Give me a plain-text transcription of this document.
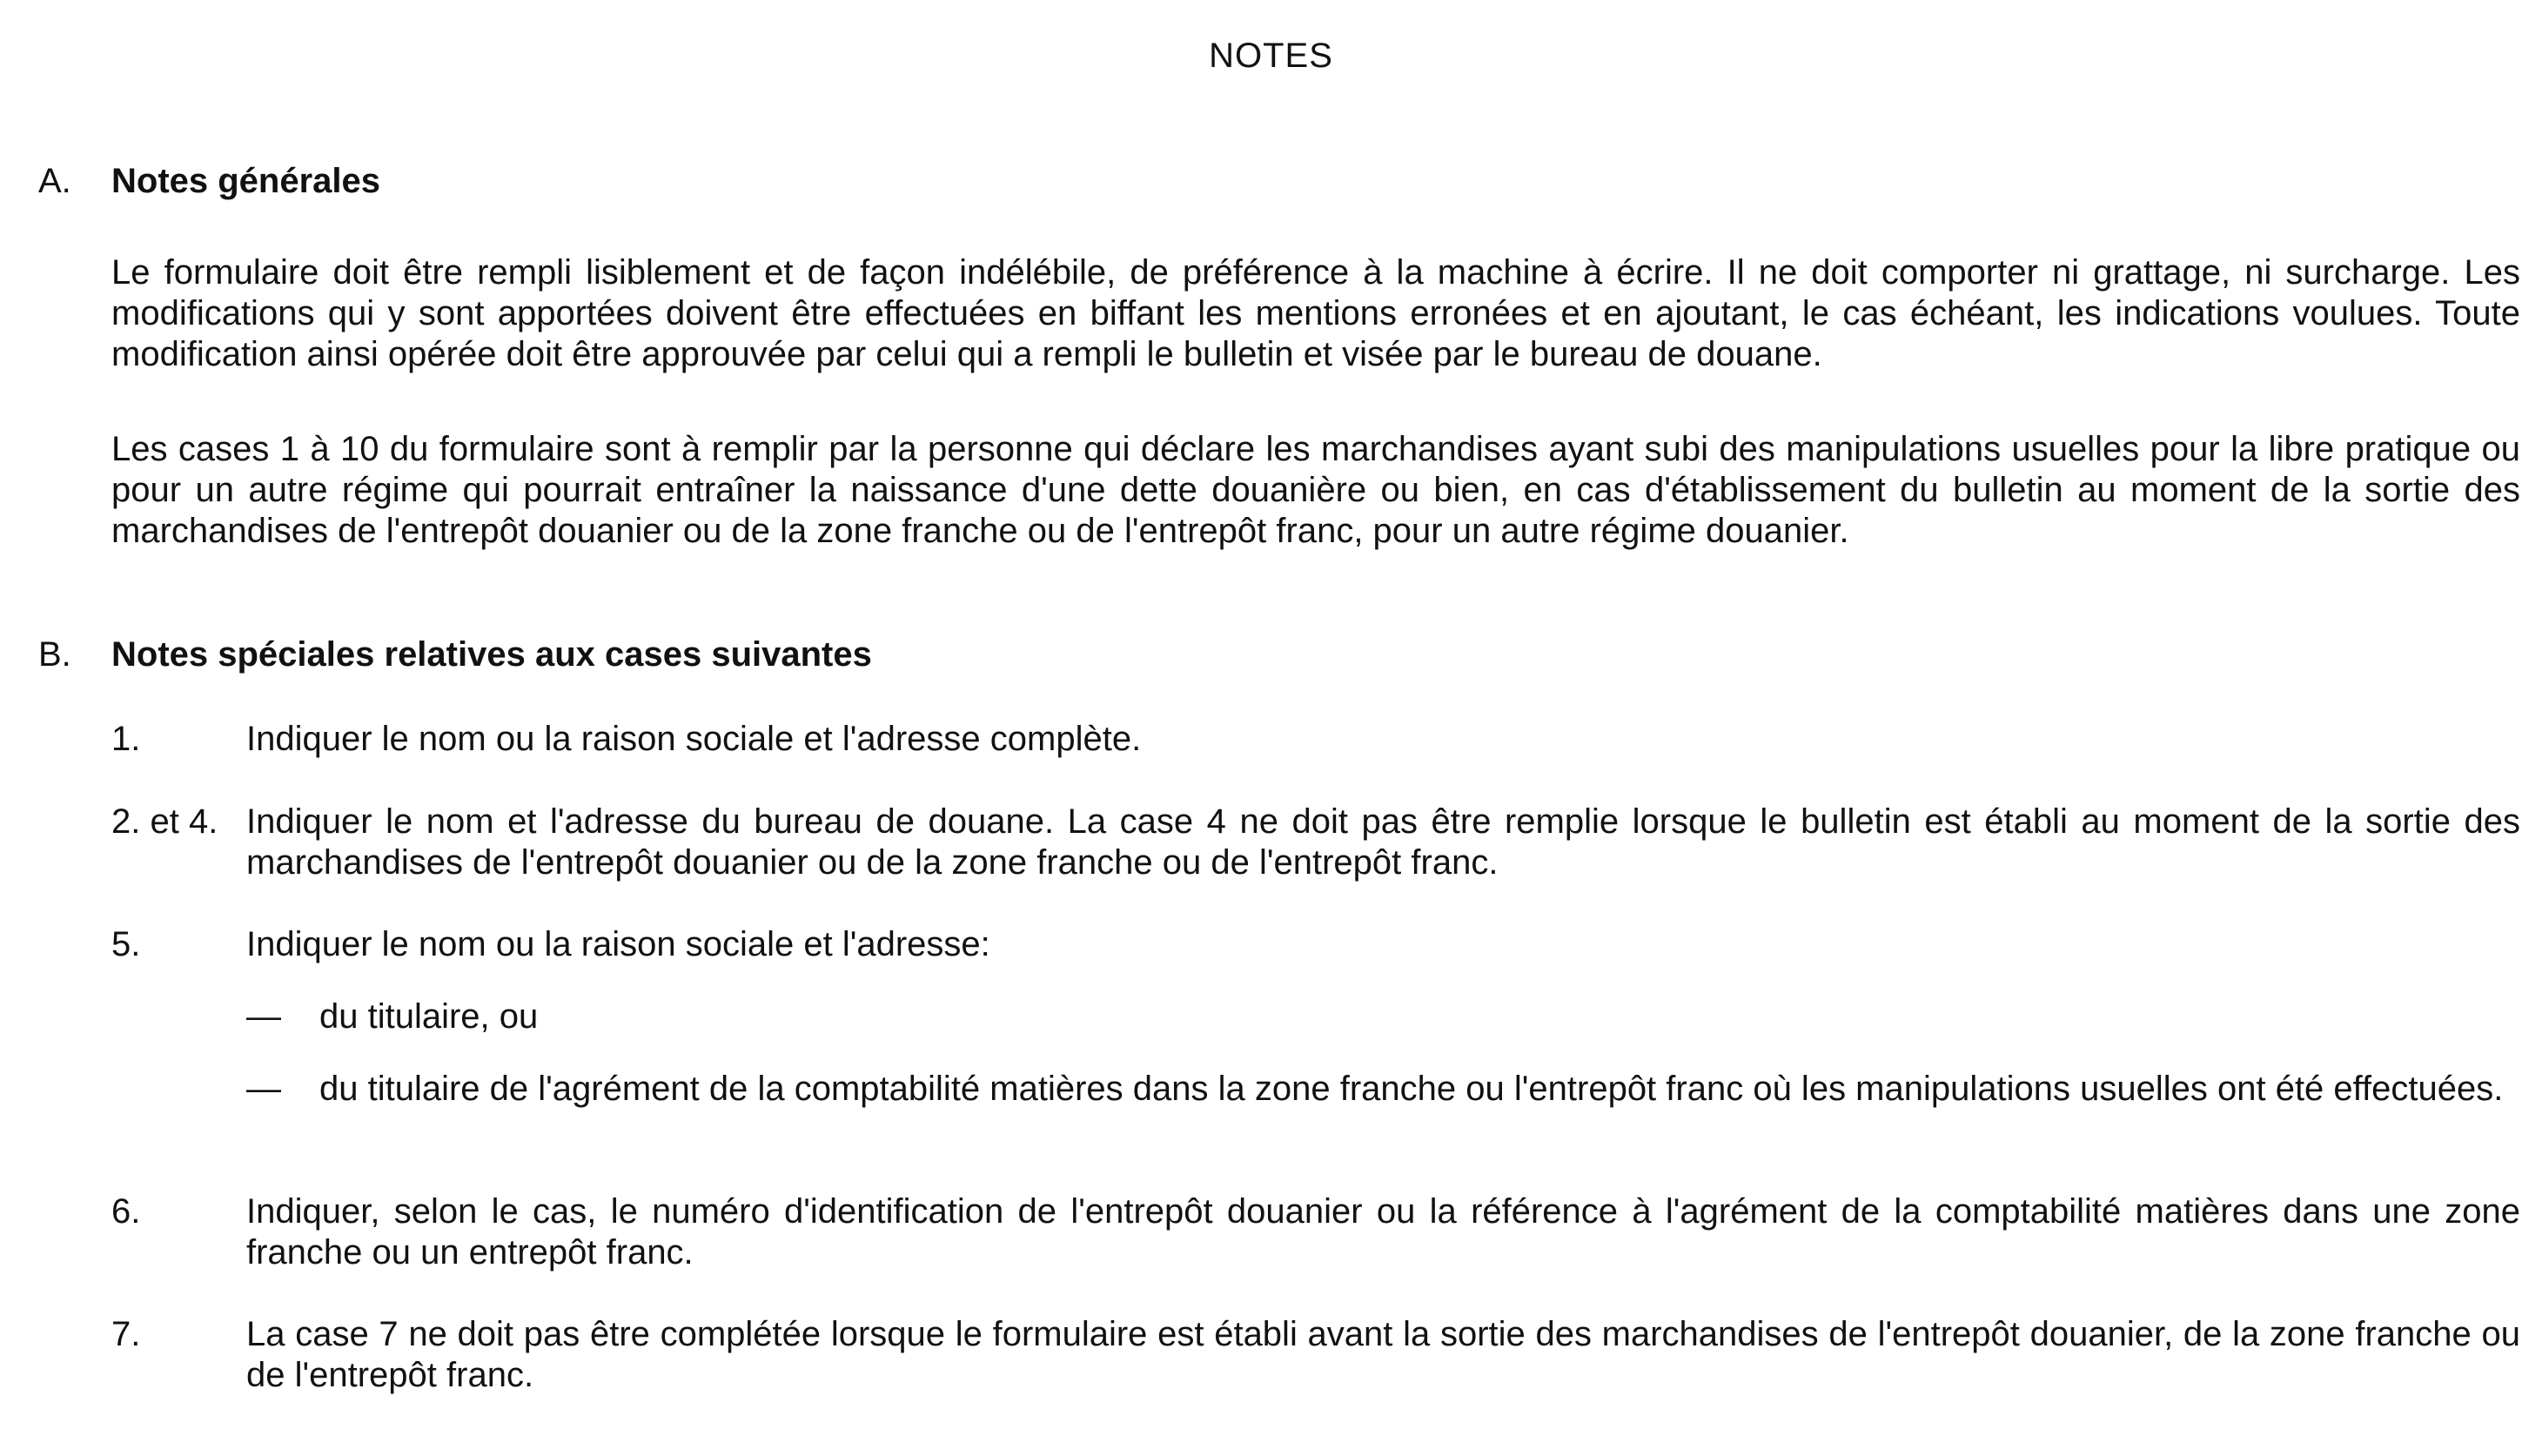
NOTES
A. Notes générales
Le formulaire doit être rempli lisiblement et de façon indélébile, de préférence à la machine à écrire. Il ne doit comporter ni grattage, ni surcharge. Les modifications qui y sont apportées doivent être effectuées en biffant les mentions erronées et en ajoutant, le cas échéant, les indications voulues. Toute modification ainsi opérée doit être approuvée par celui qui a rempli le bulletin et visée par le bureau de douane.
Les cases 1 à 10 du formulaire sont à remplir par la personne qui déclare les marchandises ayant subi des manipulations usuelles pour la libre pratique ou pour un autre régime qui pourrait entraîner la naissance d'une dette douanière ou bien, en cas d'établissement du bulletin au moment de la sortie des marchandises de l'entrepôt douanier ou de la zone franche ou de l'entrepôt franc, pour un autre régime douanier.
B. Notes spéciales relatives aux cases suivantes
1.	Indiquer le nom ou la raison sociale et l'adresse complète.
2. et 4. Indiquer le nom et l'adresse du bureau de douane. La case 4 ne doit pas être remplie lorsque le bulletin est établi au moment de la sortie des marchandises de l'entrepôt douanier ou de la zone franche ou de l'entrepôt franc.
5.	Indiquer le nom ou la raison sociale et l'adresse:
— du titulaire, ou
— du titulaire de l'agrément de la comptabilité matières dans la zone franche ou l'entrepôt franc où les manipulations usuelles ont été effectuées.
6.	Indiquer, selon le cas, le numéro d'identification de l'entrepôt douanier ou la référence à l'agrément de la comptabilité matières dans une zone franche ou un entrepôt franc.
7.	La case 7 ne doit pas être complétée lorsque le formulaire est établi avant la sortie des marchandises de l'entrepôt douanier, de la zone franche ou de l'entrepôt franc.
